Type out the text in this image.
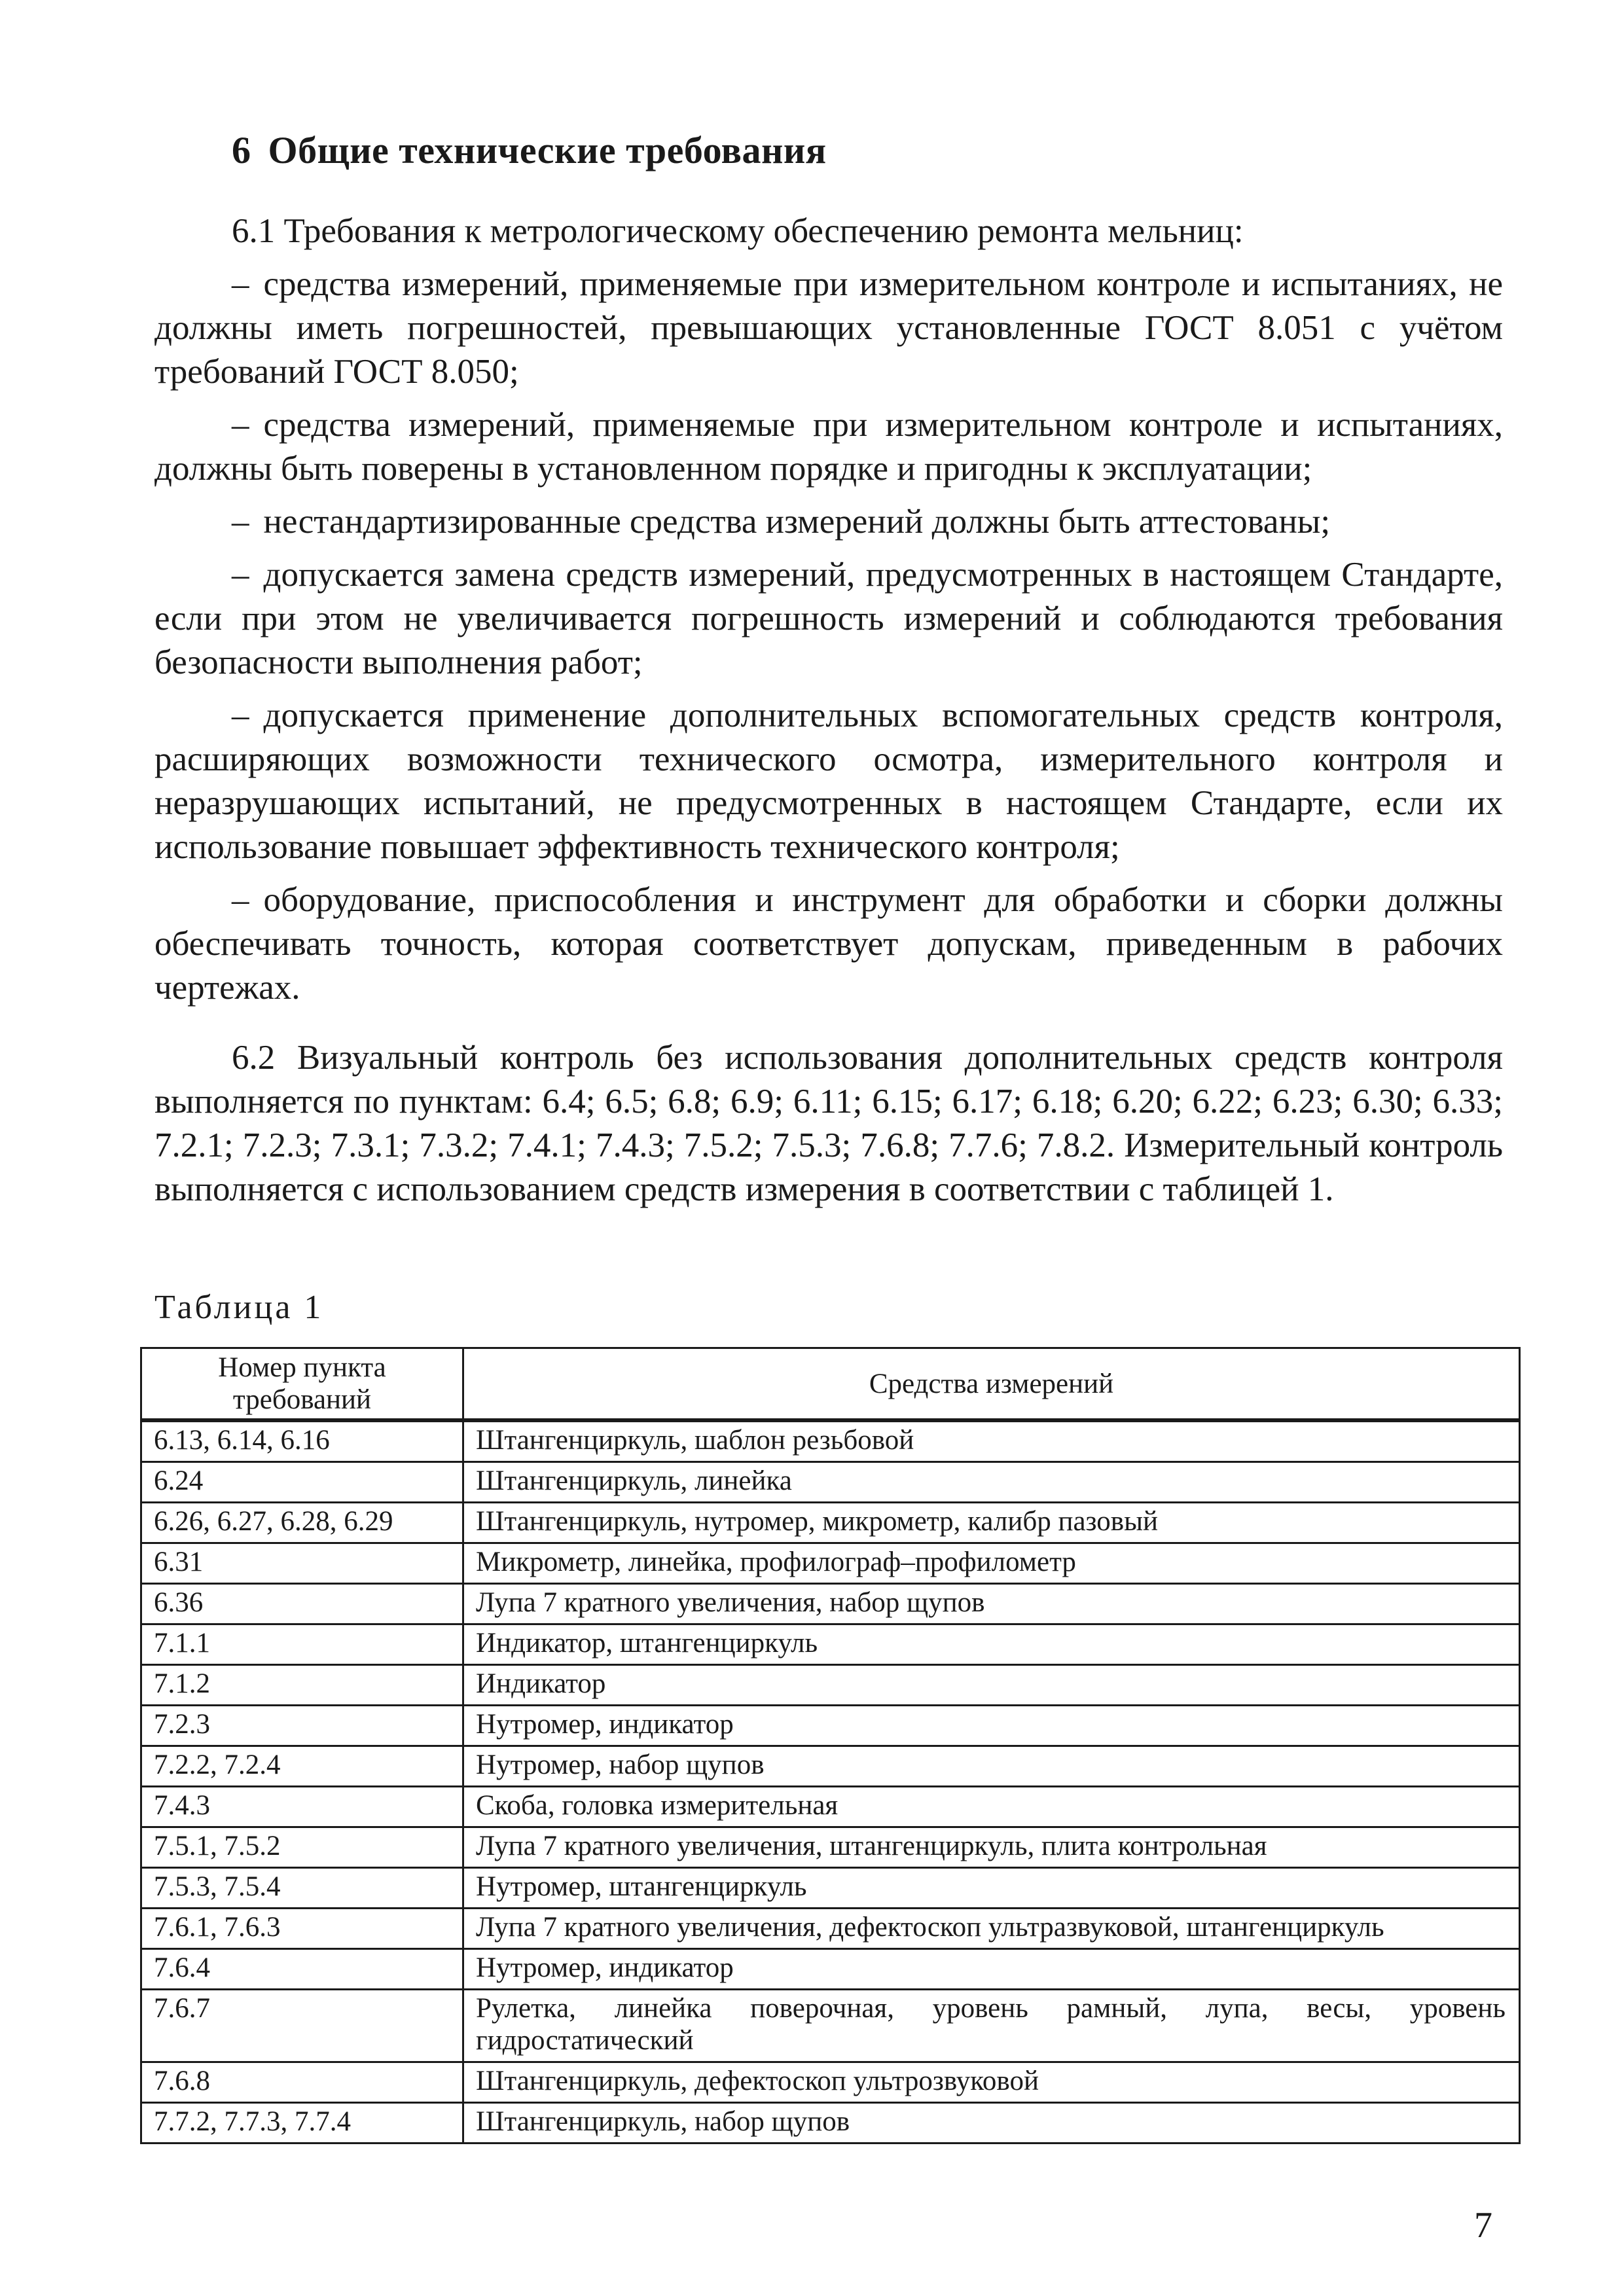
6 Общие технические требования

6.1 Требования к метрологическому обеспечению ремонта мельниц:

– средства измерений, применяемые при измерительном контроле и испытаниях, не должны иметь погрешностей, превышающих установленные ГОСТ 8.051 с учётом требований ГОСТ 8.050;

– средства измерений, применяемые при измерительном контроле и испытаниях, должны быть поверены в установленном порядке и пригодны к эксплуатации;

– нестандартизированные средства измерений должны быть аттестованы;

– допускается замена средств измерений, предусмотренных в настоящем Стандарте, если при этом не увеличивается погрешность измерений и соблюдаются требования безопасности выполнения работ;

– допускается применение дополнительных вспомогательных средств контроля, расширяющих возможности технического осмотра, измерительного контроля и неразрушающих испытаний, не предусмотренных в настоящем Стандарте, если их использование повышает эффективность технического контроля;

– оборудование, приспособления и инструмент для обработки и сборки должны обеспечивать точность, которая соответствует допускам, приведенным в рабочих чертежах.

6.2 Визуальный контроль без использования дополнительных средств контроля выполняется по пунктам: 6.4; 6.5; 6.8; 6.9; 6.11; 6.15; 6.17; 6.18; 6.20; 6.22; 6.23; 6.30; 6.33; 7.2.1; 7.2.3; 7.3.1; 7.3.2; 7.4.1; 7.4.3; 7.5.2; 7.5.3; 7.6.8; 7.7.6; 7.8.2. Измерительный контроль выполняется с использованием средств измерения в соответствии с таблицей 1.

Таблица 1
Номер пункта требований	Средства измерений
6.13, 6.14, 6.16	Штангенциркуль, шаблон резьбовой
6.24	Штангенциркуль, линейка
6.26, 6.27, 6.28, 6.29	Штангенциркуль, нутромер, микрометр, калибр пазовый
6.31	Микрометр, линейка, профилограф–профилометр
6.36	Лупа 7 кратного увеличения, набор щупов
7.1.1	Индикатор, штангенциркуль
7.1.2	Индикатор
7.2.3	Нутромер, индикатор
7.2.2, 7.2.4	Нутромер, набор щупов
7.4.3	Скоба, головка измерительная
7.5.1, 7.5.2	Лупа 7 кратного увеличения, штангенциркуль, плита контрольная
7.5.3, 7.5.4	Нутромер, штангенциркуль
7.6.1, 7.6.3	Лупа 7 кратного увеличения, дефектоскоп ультразвуковой, штангенциркуль
7.6.4	Нутромер, индикатор
7.6.7	Рулетка, линейка поверочная, уровень рамный, лупа, весы, уровень гидростатический
7.6.8	Штангенциркуль, дефектоскоп ультрозвуковой
7.7.2, 7.7.3, 7.7.4	Штангенциркуль, набор щупов
7
